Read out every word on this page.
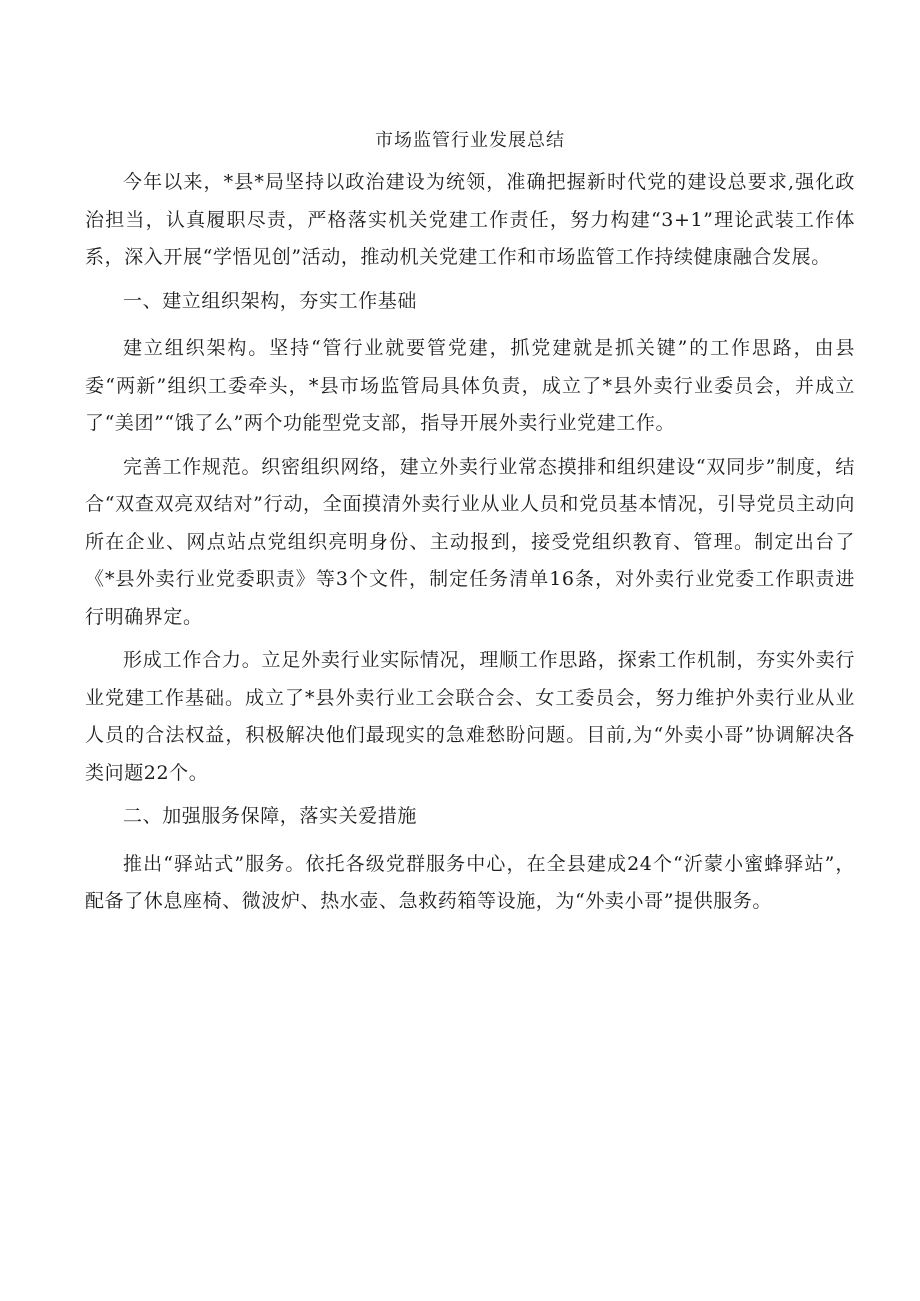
市场监管行业发展总结

今年以来，*县*局坚持以政治建设为统领，准确把握新时代党的建设总要求,强化政治担当，认真履职尽责，严格落实机关党建工作责任，努力构建“3+1”理论武装工作体系，深入开展“学悟见创”活动，推动机关党建工作和市场监管工作持续健康融合发展。

一、建立组织架构，夯实工作基础

建立组织架构。坚持“管行业就要管党建，抓党建就是抓关键”的工作思路，由县委“两新”组织工委牵头，*县市场监管局具体负责，成立了*县外卖行业委员会，并成立了“美团”“饿了么”两个功能型党支部，指导开展外卖行业党建工作。

完善工作规范。织密组织网络，建立外卖行业常态摸排和组织建设“双同步”制度，结合“双查双亮双结对”行动，全面摸清外卖行业从业人员和党员基本情况，引导党员主动向所在企业、网点站点党组织亮明身份、主动报到，接受党组织教育、管理。制定出台了《*县外卖行业党委职责》等3个文件，制定任务清单16条，对外卖行业党委工作职责进行明确界定。

形成工作合力。立足外卖行业实际情况，理顺工作思路，探索工作机制，夯实外卖行业党建工作基础。成立了*县外卖行业工会联合会、女工委员会，努力维护外卖行业从业人员的合法权益，积极解决他们最现实的急难愁盼问题。目前,为“外卖小哥”协调解决各类问题22个。

二、加强服务保障，落实关爱措施

推出“驿站式”服务。依托各级党群服务中心，在全县建成24个“沂蒙小蜜蜂驿站”，配备了休息座椅、微波炉、热水壶、急救药箱等设施，为“外卖小哥”提供服务。
